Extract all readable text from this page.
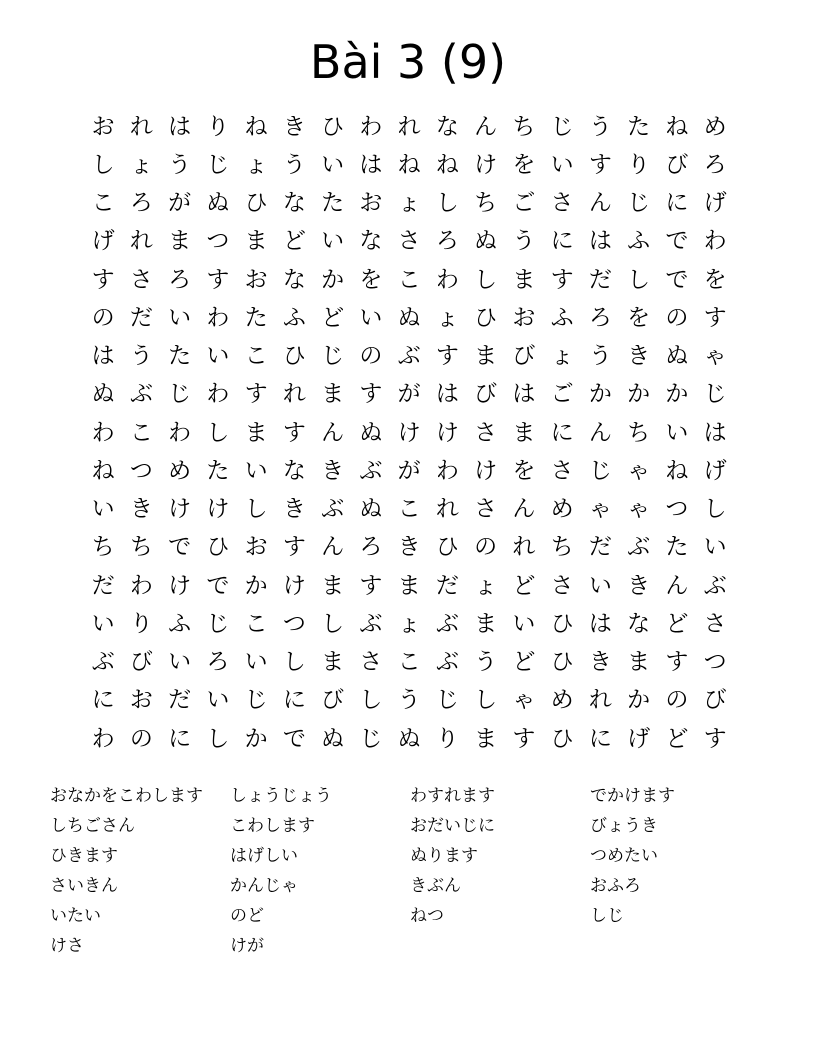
Bài 3 (9)
お れ は り ね き ひ わ れ な ん ち じ う た ね め
し ょ う じ ょ う い は ね ね け を い す り び ろ
こ ろ が ぬ ひ な た お ょ し ち ご さ ん じ に げ
げ れ ま つ ま ど い な さ ろ ぬ う に は ふ で わ
す さ ろ す お な か を こ わ し ま す だ し で を
の だ い わ た ふ ど い ぬ ょ ひ お ふ ろ を の す
は う た い こ ひ じ の ぶ す ま び ょ う き ぬ ゃ
ぬ ぶ じ わ す れ ま す が は び は ご か か か じ
わ こ わ し ま す ん ぬ け け さ ま に ん ち い は
ね つ め た い な き ぶ が わ け を さ じ ゃ ね げ
い き け け し き ぶ ぬ こ れ さ ん め ゃ ゃ つ し
ち ち で ひ お す ん ろ き ひ の れ ち だ ぶ た い
だ わ け で か け ま す ま だ ょ ど さ い き ん ぶ
い り ふ じ こ つ し ぶ ょ ぶ ま い ひ は な ど さ
ぶ び い ろ い し ま さ こ ぶ う ど ひ き ま す つ
に お だ い じ に び し う じ し ゃ め れ か の び
わ の に し か で ぬ じ ぬ り ま す ひ に げ ど す
おなかをこわします	しょうじょう	わすれます	でかけます
しちごさん	こわします	おだいじに	びょうき
ひきます	はげしい	ぬります	つめたい
さいきん	かんじゃ	きぶん	おふろ
いたい	のど	ねつ	しじ
けさ	けが
